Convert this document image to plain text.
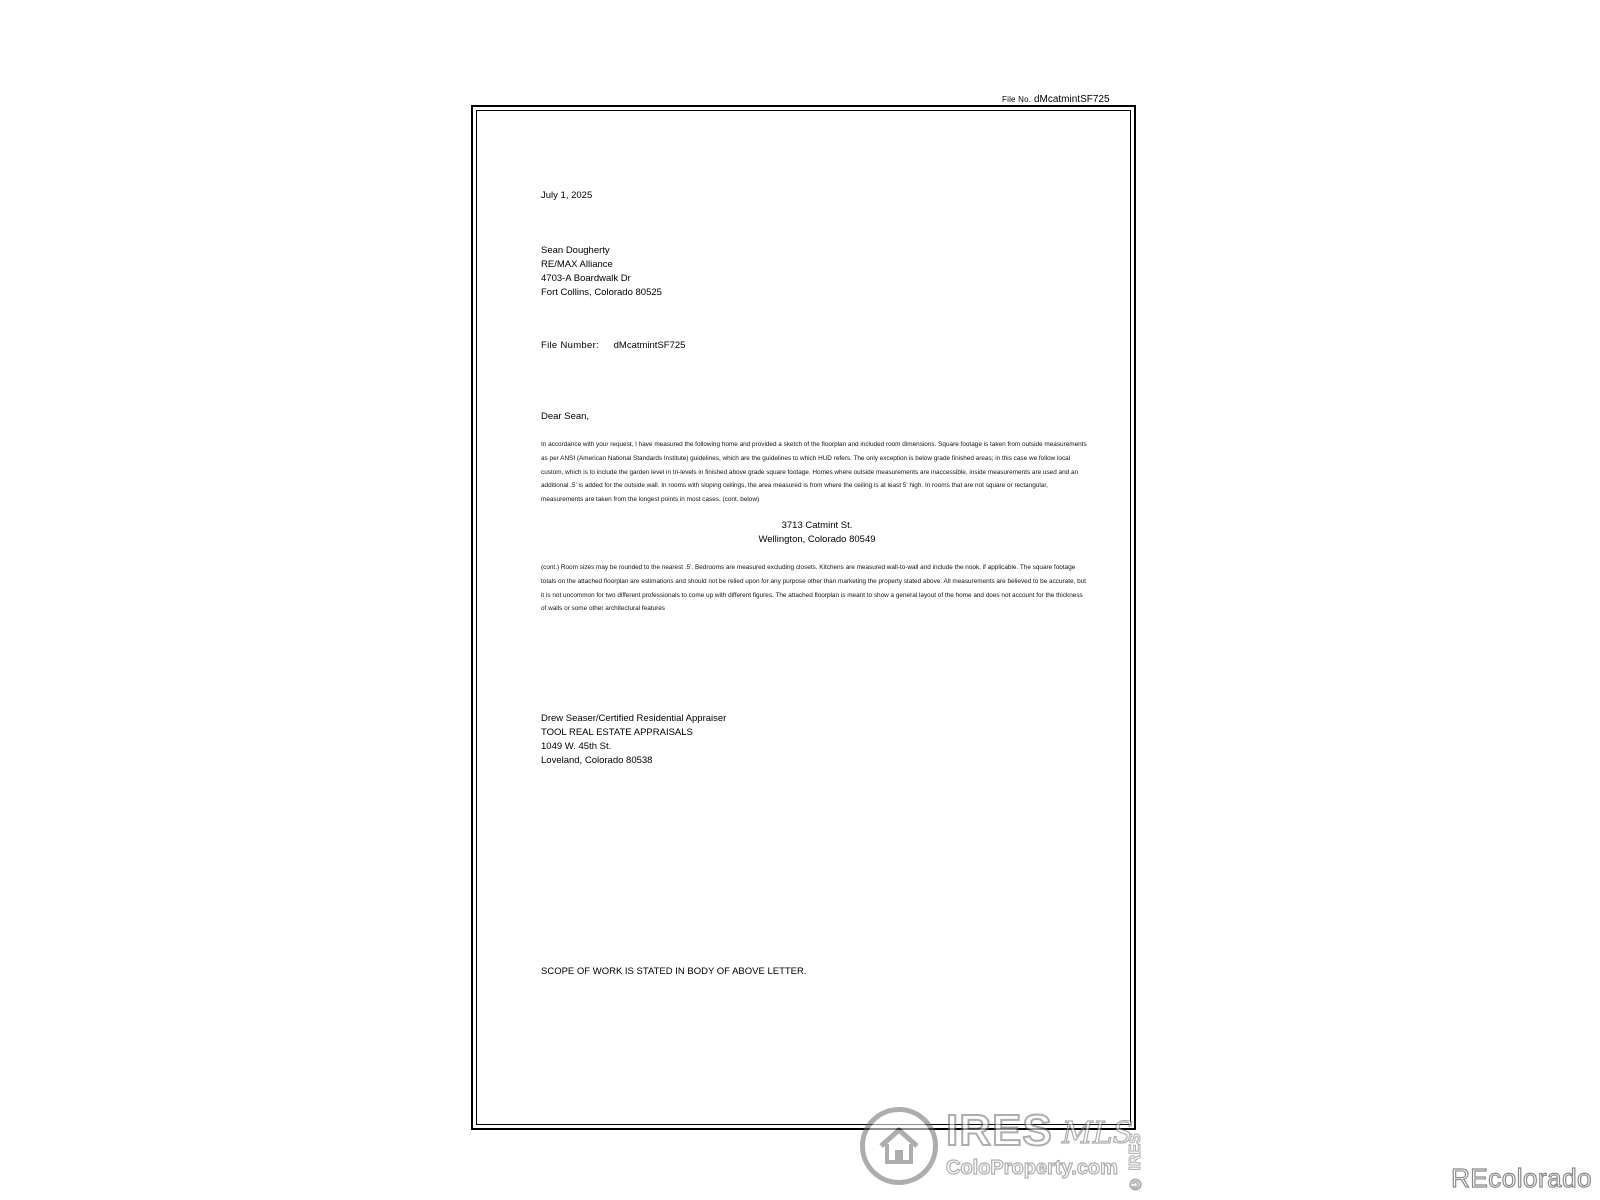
File No. dMcatmintSF725
July 1, 2025
Sean Dougherty
RE/MAX Alliance
4703-A Boardwalk Dr
Fort Collins, Colorado 80525
File Number: dMcatmintSF725
Dear Sean,
In accordance with your request, I have measured the following home and provided a sketch of the floorplan and included room dimensions. Square footage is taken from outside measurements as per ANSI (American National Standards Institute) guidelines, which are the guidelines to which HUD refers. The only exception is below grade finished areas; in this case we follow local custom, which is to include the garden level in tri-levels in finished above grade square footage. Homes where outside measurements are inaccessible, inside measurements are used and an additional .5' is added for the outside wall. In rooms with sloping ceilings, the area measured is from where the ceiling is at least 5' high. In rooms that are not square or rectangular, measurements are taken from the longest points in most cases. (cont. below)
3713 Catmint St.
Wellington, Colorado 80549
(cont.) Room sizes may be rounded to the nearest .5'. Bedrooms are measured excluding closets. Kitchens are measured wall-to-wall and include the nook, if applicable. The square footage totals on the attached floorplan are estimations and should not be relied upon for any purpose other than marketing the property stated above. All measurements are believed to be accurate, but it is not uncommon for two different professionals to come up with different figures. The attached floorplan is meant to show a general layout of the home and does not account for the thickness of walls or some other architectural features
Drew Seaser/Certified Residential Appraiser
TOOL REAL ESTATE APPRAISALS
1049 W. 45th St.
Loveland, Colorado 80538
SCOPE OF WORK IS STATED IN BODY OF ABOVE LETTER.
IRES MLS
ColoProperty.com © IRES	REcolorado
